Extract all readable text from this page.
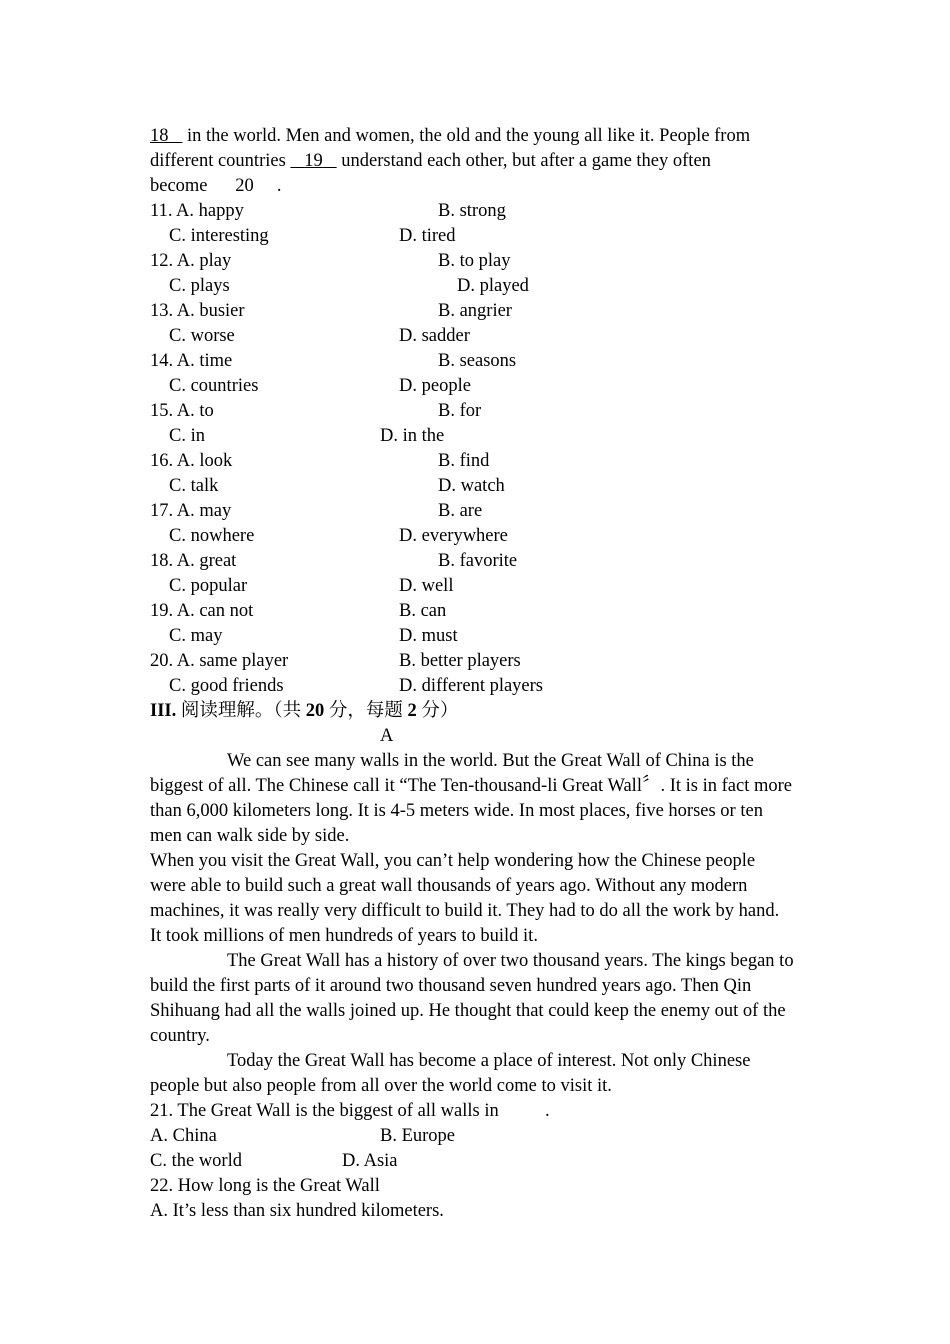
18    in the world. Men and women, the old and the young all like it. People from
different countries    19    understand each other, but after a game they often
become 20 .
11. A. happy	B. strong
C. interesting	D. tired
12. A. play	B. to play
C. plays	D. played
13. A. busier	B. angrier
C. worse	D. sadder
14. A. time	B. seasons
C. countries	D. people
15. A. to	B. for
C. in	D. in the
16. A. look	B. find
C. talk	D. watch
17. A. may	B. are
C. nowhere	D. everywhere
18. A. great	B. favorite
C. popular	D. well
19. A. can not	B. can
C. may	D. must
20. A. same player	B. better players
C. good friends	D. different players
III. 阅读理解。（共 20 分，每题 2 分）
A
We can see many walls in the world. But the Great Wall of China is the biggest of all. The Chinese call it “The Ten-thousand-li Great Wall〞. It is in fact more than 6,000 kilometers long. It is 4-5 meters wide. In most places, five horses or ten men can walk side by side.
When you visit the Great Wall, you can’t help wondering how the Chinese people were able to build such a great wall thousands of years ago. Without any modern machines, it was really very difficult to build it. They had to do all the work by hand. It took millions of men hundreds of years to build it.
The Great Wall has a history of over two thousand years. The kings began to build the first parts of it around two thousand seven hundred years ago. Then Qin Shihuang had all the walls joined up. He thought that could keep the enemy out of the country.
Today the Great Wall has become a place of interest. Not only Chinese people but also people from all over the world come to visit it.
21. The Great Wall is the biggest of all walls in	.
A. China	B. Europe
C. the world	D. Asia
22. How long is the Great Wall
A. It’s less than six hundred kilometers.
